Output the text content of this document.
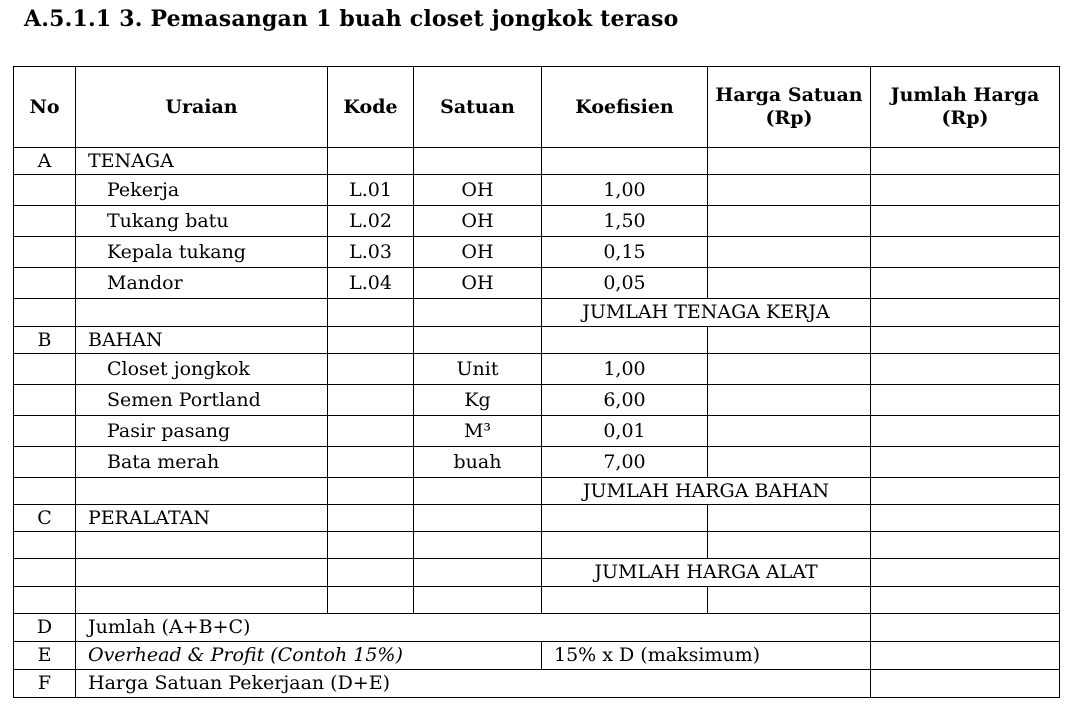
A.5.1.1 3. Pemasangan 1 buah closet jongkok teraso
No	Uraian	Kode	Satuan	Koefisien	Harga Satuan (Rp)	Jumlah Harga (Rp)
A	TENAGA					
	Pekerja	L.01	OH	1,00		
	Tukang batu	L.02	OH	1,50		
	Kepala tukang	L.03	OH	0,15		
	Mandor	L.04	OH	0,05		
				JUMLAH TENAGA KERJA		
B	BAHAN					
	Closet jongkok		Unit	1,00		
	Semen Portland		Kg	6,00		
	Pasir pasang		M³	0,01		
	Bata merah		buah	7,00		
				JUMLAH HARGA BAHAN		
C	PERALATAN					

				JUMLAH HARGA ALAT		

D	Jumlah (A+B+C)					
E	Overhead & Profit (Contoh 15%)			15% x D (maksimum)		
F	Harga Satuan Pekerjaan (D+E)					
